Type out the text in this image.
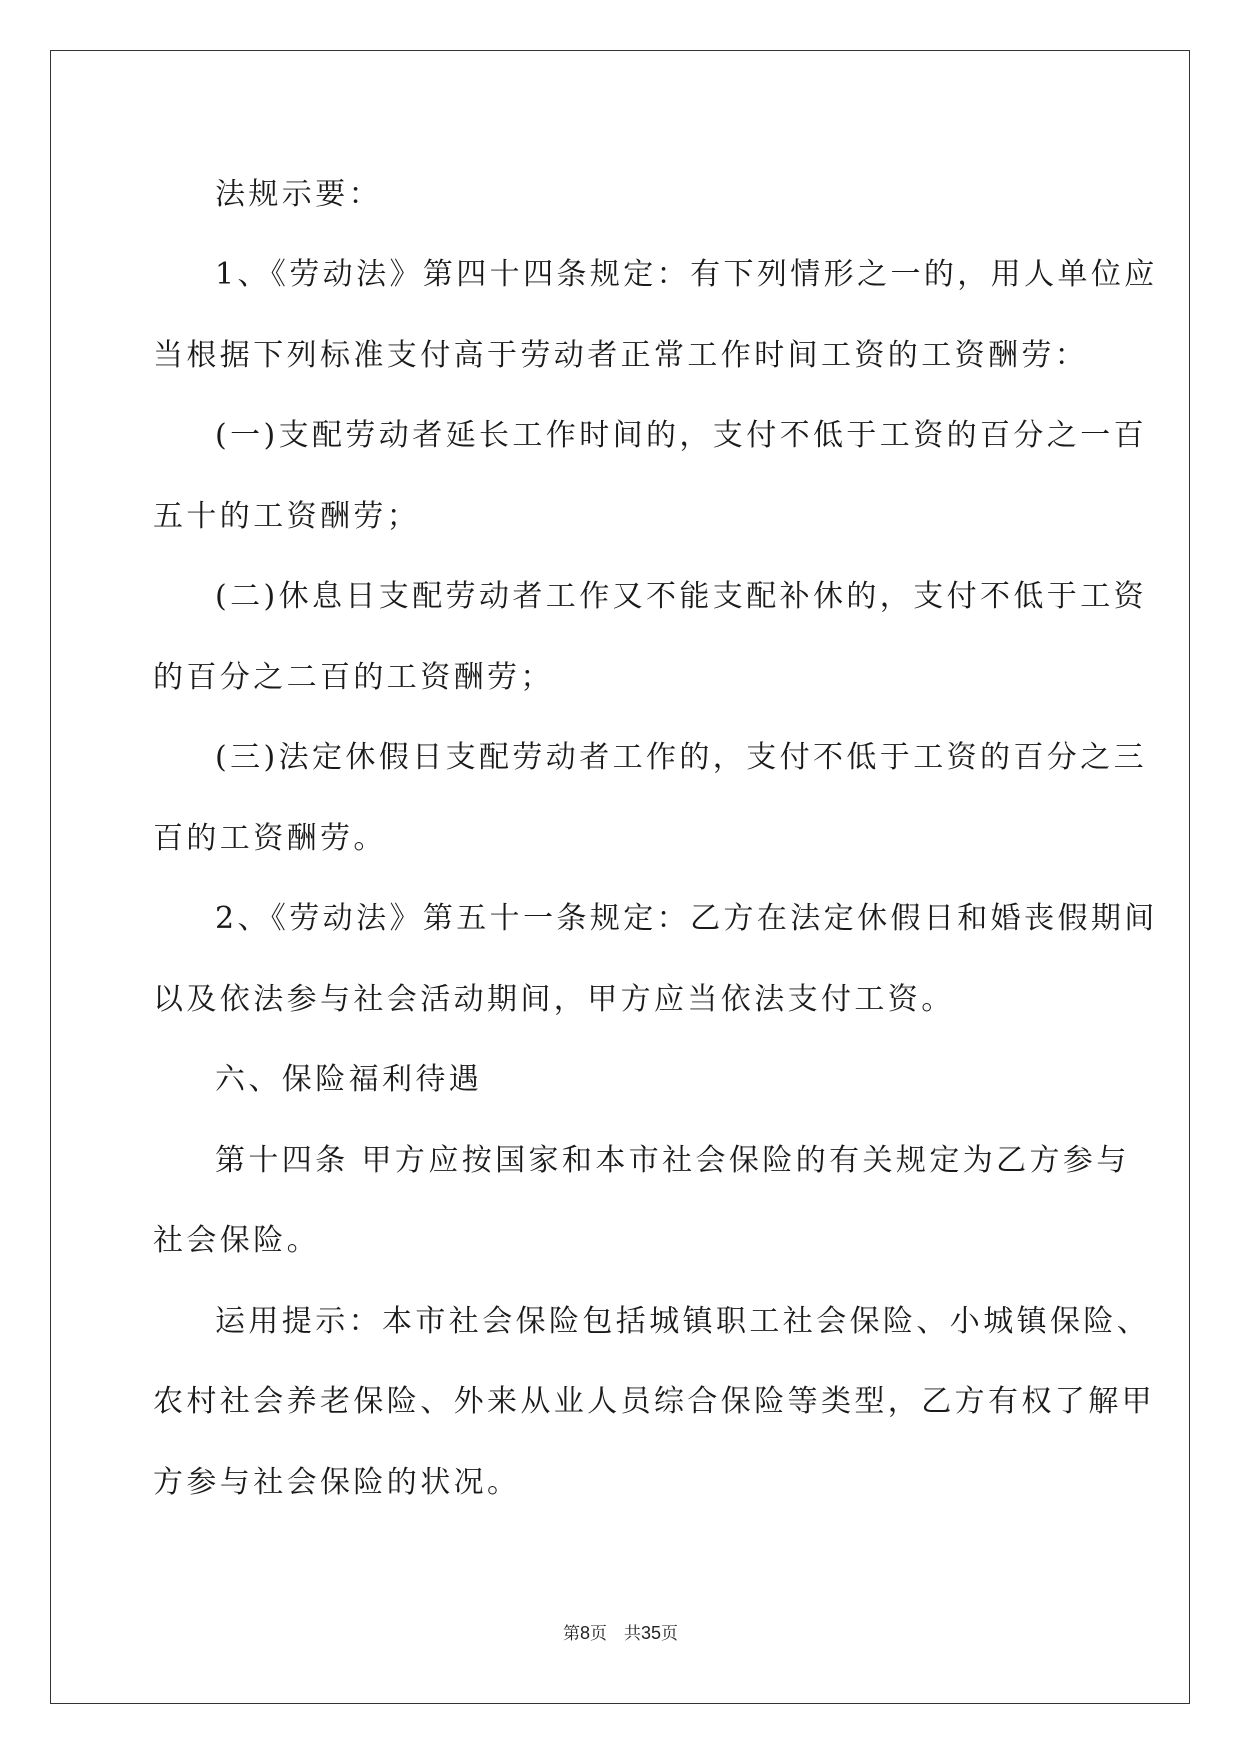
法规示要：
1、《劳动法》第四十四条规定：有下列情形之一的，用人单位应
当根据下列标准支付高于劳动者正常工作时间工资的工资酬劳：
(一)支配劳动者延长工作时间的，支付不低于工资的百分之一百
五十的工资酬劳；
(二)休息日支配劳动者工作又不能支配补休的，支付不低于工资
的百分之二百的工资酬劳；
(三)法定休假日支配劳动者工作的，支付不低于工资的百分之三
百的工资酬劳。
2、《劳动法》第五十一条规定：乙方在法定休假日和婚丧假期间
以及依法参与社会活动期间，甲方应当依法支付工资。
六、保险福利待遇
第十四条 甲方应按国家和本市社会保险的有关规定为乙方参与
社会保险。
运用提示：本市社会保险包括城镇职工社会保险、小城镇保险、
农村社会养老保险、外来从业人员综合保险等类型，乙方有权了解甲
方参与社会保险的状况。
第8页　共35页
